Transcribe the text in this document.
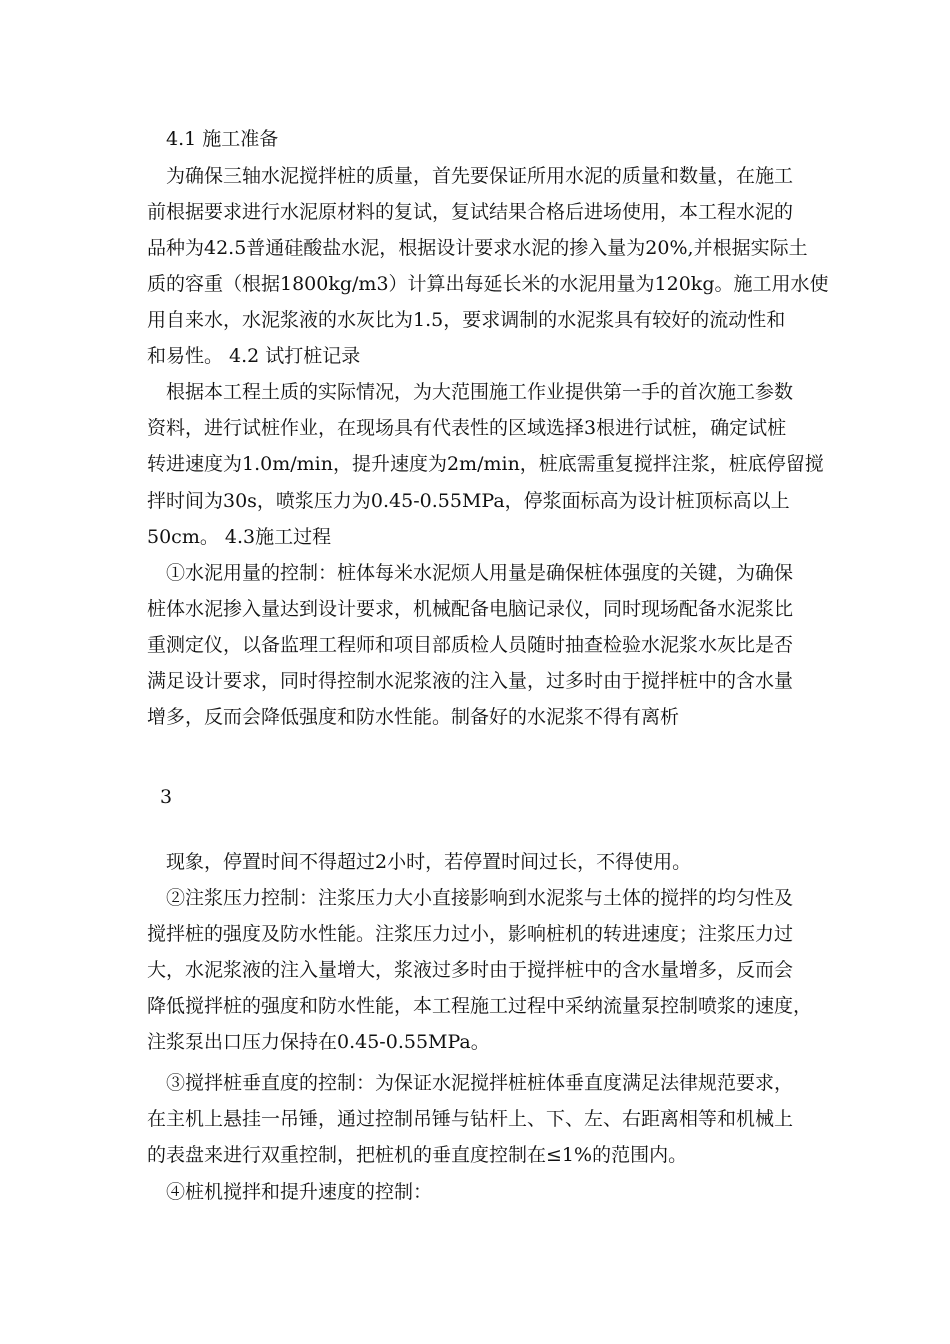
4.1 施工准备
为确保三轴水泥搅拌桩的质量，首先要保证所用水泥的质量和数量，在施工
前根据要求进行水泥原材料的复试，复试结果合格后进场使用，本工程水泥的
品种为42.5普通硅酸盐水泥，根据设计要求水泥的掺入量为20%,并根据实际土
质的容重（根据1800kg/m3）计算出每延长米的水泥用量为120kg。施工用水使
用自来水，水泥浆液的水灰比为1.5，要求调制的水泥浆具有较好的流动性和
和易性。 4.2 试打桩记录
根据本工程土质的实际情况，为大范围施工作业提供第一手的首次施工参数
资料，进行试桩作业，在现场具有代表性的区域选择3根进行试桩，确定试桩
转进速度为1.0m/min，提升速度为2m/min，桩底需重复搅拌注浆，桩底停留搅
拌时间为30s，喷浆压力为0.45-0.55MPa，停浆面标高为设计桩顶标高以上
50cm。 4.3施工过程
①水泥用量的控制：桩体每米水泥烦人用量是确保桩体强度的关键，为确保
桩体水泥掺入量达到设计要求，机械配备电脑记录仪，同时现场配备水泥浆比
重测定仪，以备监理工程师和项目部质检人员随时抽查检验水泥浆水灰比是否
满足设计要求，同时得控制水泥浆液的注入量，过多时由于搅拌桩中的含水量
增多，反而会降低强度和防水性能。制备好的水泥浆不得有离析
3
现象，停置时间不得超过2小时，若停置时间过长，不得使用。
②注浆压力控制：注浆压力大小直接影响到水泥浆与土体的搅拌的均匀性及
搅拌桩的强度及防水性能。注浆压力过小，影响桩机的转进速度；注浆压力过
大，水泥浆液的注入量增大，浆液过多时由于搅拌桩中的含水量增多，反而会
降低搅拌桩的强度和防水性能，本工程施工过程中采纳流量泵控制喷浆的速度，
注浆泵出口压力保持在0.45-0.55MPa。
③搅拌桩垂直度的控制：为保证水泥搅拌桩桩体垂直度满足法律规范要求，
在主机上悬挂一吊锤，通过控制吊锤与钻杆上、下、左、右距离相等和机械上
的表盘来进行双重控制，把桩机的垂直度控制在≤1%的范围内。
④桩机搅拌和提升速度的控制：
